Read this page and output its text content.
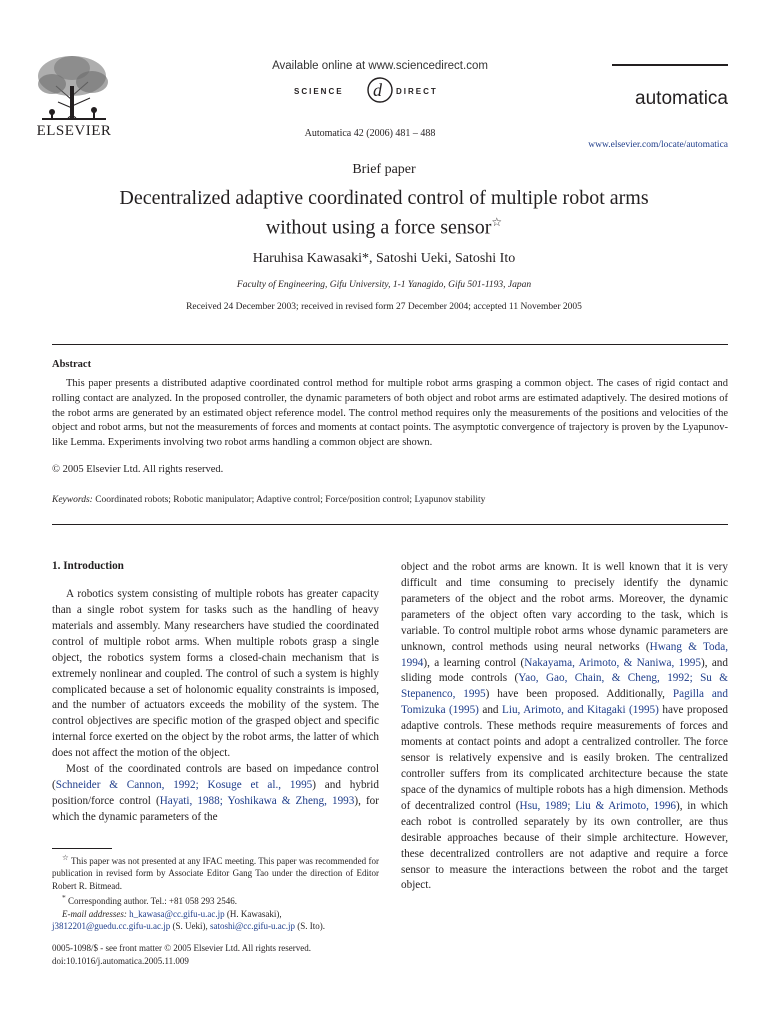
ELSEVIER
Available online at www.sciencedirect.com
SCIENCE d DIRECT
Automatica 42 (2006) 481 – 488
automatica
www.elsevier.com/locate/automatica
Brief paper
Decentralized adaptive coordinated control of multiple robot arms
without using a force sensor☆
Haruhisa Kawasaki*, Satoshi Ueki, Satoshi Ito
Faculty of Engineering, Gifu University, 1-1 Yanagido, Gifu 501-1193, Japan
Received 24 December 2003; received in revised form 27 December 2004; accepted 11 November 2005
Abstract

This paper presents a distributed adaptive coordinated control method for multiple robot arms grasping a common object. The cases of rigid contact and rolling contact are analyzed. In the proposed controller, the dynamic parameters of both object and robot arms are estimated adaptively. The desired motions of the robot arms are generated by an estimated object reference model. The control method requires only the measurements of the positions and velocities of the object and robot arms, but not the measurements of forces and moments at contact points. The asymptotic convergence of trajectory is proven by the Lyapunov-like Lemma. Experiments involving two robot arms handling a common object are shown.

© 2005 Elsevier Ltd. All rights reserved.
Keywords: Coordinated robots; Robotic manipulator; Adaptive control; Force/position control; Lyapunov stability
1. Introduction

A robotics system consisting of multiple robots has greater capacity than a single robot system for tasks such as the handling of heavy materials and assembly. Many researchers have studied the coordinated control of multiple robot arms. When multiple robots grasp a single object, the robotics system forms a closed-chain mechanism that is extremely nonlinear and coupled. The control of such a system is highly complicated because a set of holonomic equality constraints is imposed, and the number of actuators exceeds the mobility of the system. The control objectives are specific motion of the grasped object and specific internal force exerted on the object by the robot arms, the latter of which does not affect the motion of the object.

Most of the coordinated controls are based on impedance control (Schneider & Cannon, 1992; Kosuge et al., 1995) and hybrid position/force control (Hayati, 1988; Yoshikawa & Zheng, 1993), for which the dynamic parameters of the

☆ This paper was not presented at any IFAC meeting. This paper was recommended for publication in revised form by Associate Editor Gang Tao under the direction of Editor Robert R. Bitmead.

* Corresponding author. Tel.: +81 058 293 2546.

E-mail addresses: h_kawasa@cc.gifu-u.ac.jp (H. Kawasaki),
j3812201@guedu.cc.gifu-u.ac.jp (S. Ueki), satoshi@cc.gifu-u.ac.jp (S. Ito).

0005-1098/$ - see front matter © 2005 Elsevier Ltd. All rights reserved.
doi:10.1016/j.automatica.2005.11.009

object and the robot arms are known. It is well known that it is very difficult and time consuming to precisely identify the dynamic parameters of the object and the robot arms. Moreover, the dynamic parameters of the object often vary according to the task, which is variable. To control multiple robot arms whose dynamic parameters are unknown, control methods using neural networks (Hwang & Toda, 1994), a learning control (Nakayama, Arimoto, & Naniwa, 1995), and sliding mode controls (Yao, Gao, Chain, & Cheng, 1992; Su & Stepanenco, 1995) have been proposed. Additionally, Pagilla and Tomizuka (1995) and Liu, Arimoto, and Kitagaki (1995) have proposed adaptive controls. These methods require measurements of forces and moments at contact points and adopt a centralized controller. The force sensor is relatively expensive and is easily broken. The centralized controller suffers from its complicated architecture because the state space of the dynamics of multiple robots has a high dimension. Methods of decentralized control (Hsu, 1989; Liu & Arimoto, 1996), in which each robot is controlled separately by its own controller, are thus desirable approaches because of their simple architecture. However, these decentralized controllers are not adaptive and require a force sensor to measure the interactions between the robot and the target object.
